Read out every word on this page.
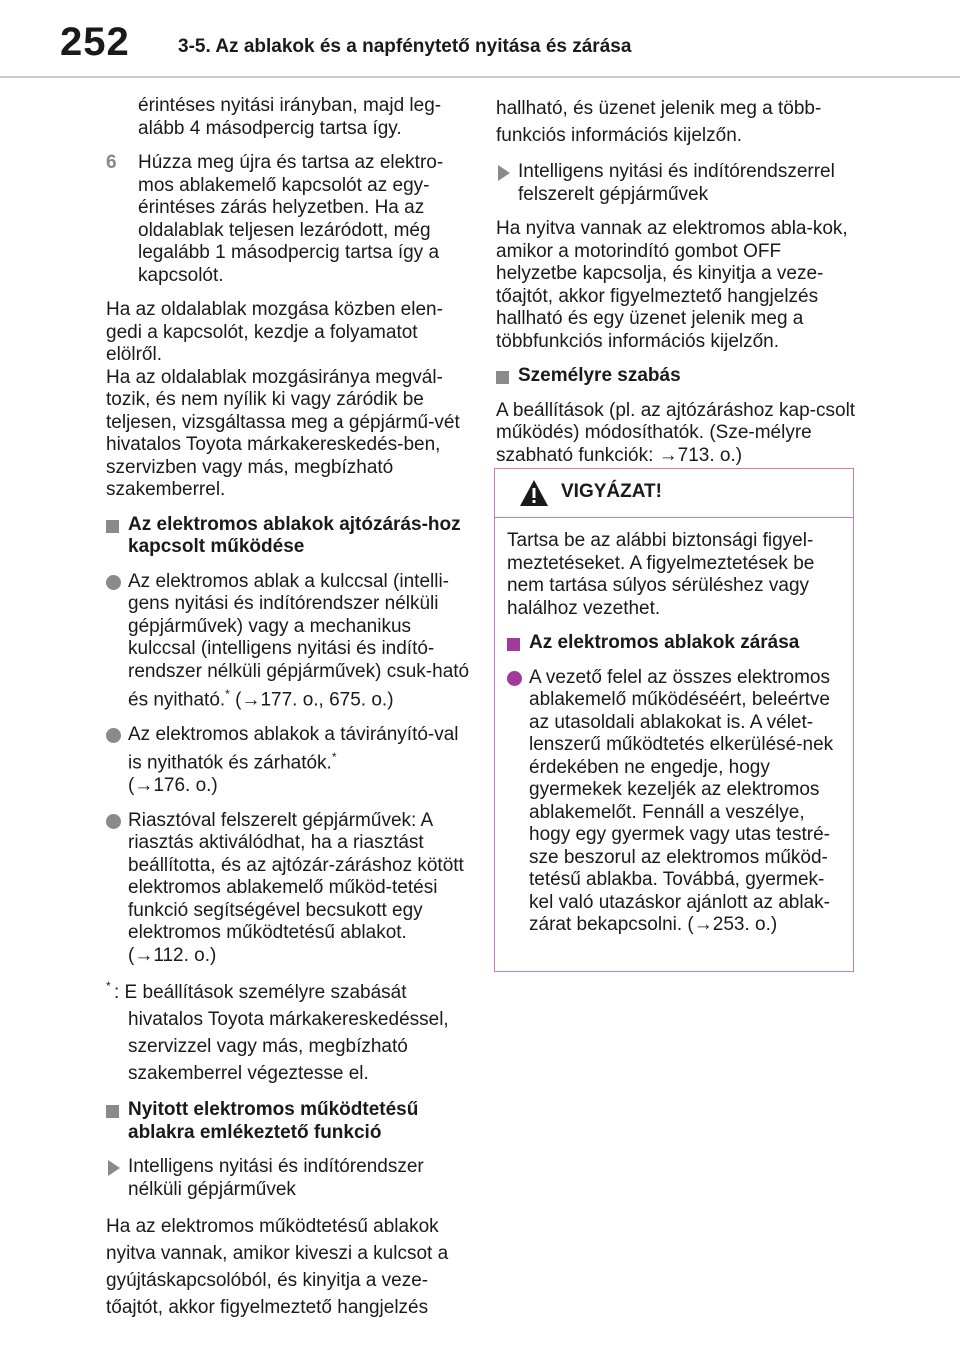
252	3-5. Az ablakok és a napfénytető nyitása és zárása

érintéses nyitási irányban, majd leg-alább 4 másodpercig tartsa így.

6 Húzza meg újra és tartsa az elektro-mos ablakemelő kapcsolót az egy-érintéses zárás helyzetben. Ha az oldalablak teljesen lezáródott, még legalább 1 másodpercig tartsa így a kapcsolót.

Ha az oldalablak mozgása közben elen-gedi a kapcsolót, kezdje a folyamatot elölről.

Ha az oldalablak mozgásiránya megvál-tozik, és nem nyílik ki vagy záródik be teljesen, vizsgáltassa meg a gépjármű-vét hivatalos Toyota márkakereskedés-ben, szervizben vagy más, megbízható szakemberrel.

Az elektromos ablakok ajtózárás-hoz kapcsolt működése
Az elektromos ablak a kulccsal (intelli-gens nyitási és indítórendszer nélküli gépjárművek) vagy a mechanikus kulccsal (intelligens nyitási és indító-rendszer nélküli gépjárművek) csuk-ható és nyitható.* (→177. o., 675. o.)
Az elektromos ablakok a távirányító-val is nyithatók és zárhatók.*
(→176. o.)
Riasztóval felszerelt gépjárművek: A riasztás aktiválódhat, ha a riasztást beállította, és az ajtózár-záráshoz kötött elektromos ablakemelő működ-tetési funkció segítségével becsukott egy elektromos működtetésű ablakot. (→112. o.)
* : E beállítások személyre szabását hivatalos Toyota márkakereskedéssel, szervizzel vagy más, megbízható szakemberrel végeztesse el.
Nyitott elektromos működtetésű ablakra emlékeztető funkció
Intelligens nyitási és indítórendszer nélküli gépjárművek

Ha az elektromos működtetésű ablakok nyitva vannak, amikor kiveszi a kulcsot a gyújtáskapcsolóból, és kinyitja a veze-tőajtót, akkor figyelmeztető hangjelzés

hallható, és üzenet jelenik meg a több-funkciós információs kijelzőn.

Intelligens nyitási és indítórendszerrel felszerelt gépjárművek

Ha nyitva vannak az elektromos abla-kok, amikor a motorindító gombot OFF helyzetbe kapcsolja, és kinyitja a veze-tőajtót, akkor figyelmeztető hangjelzés hallható és egy üzenet jelenik meg a többfunkciós információs kijelzőn.

Személyre szabás

A beállítások (pl. az ajtózáráshoz kap-csolt működés) módosíthatók. (Sze-mélyre szabható funkciók: →713. o.)

VIGYÁZAT!

Tartsa be az alábbi biztonsági figyel-meztetéseket. A figyelmeztetések be nem tartása súlyos sérüléshez vagy halálhoz vezethet.

Az elektromos ablakok zárása
A vezető felel az összes elektromos ablakemelő működéséért, beleértve az utasoldali ablakokat is. A vélet-lenszerű működtetés elkerülésé-nek érdekében ne engedje, hogy gyermekek kezeljék az elektromos ablakemelőt. Fennáll a veszélye, hogy egy gyermek vagy utas testré-sze beszorul az elektromos működ-tetésű ablakba. Továbbá, gyermek-kel való utazáskor ajánlott az ablak-zárat bekapcsolni. (→253. o.)
